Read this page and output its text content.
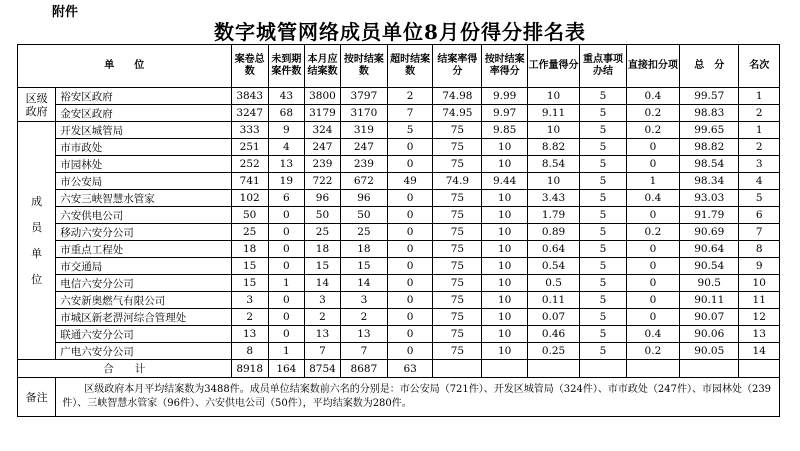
附件
数字城管网络成员单位8月份得分排名表
单　　位		案卷总数	未到期案件数	本月应结案数	按时结案数	超时结案数	结案率得分	按时结案率得分	工作量得分	重点事项办结	直接扣分项	总　分	名次
区级政府	裕安区政府	3843	43	3800	3797	2	74.98	9.99	10	5	0.4	99.57	1
	金安区政府	3247	68	3179	3170	7	74.95	9.97	9.11	5	0.2	98.83	2
成员单位	开发区城管局	333	9	324	319	5	75	9.85	10	5	0.2	99.65	1
	市市政处	251	4	247	247	0	75	10	8.82	5	0	98.82	2
	市园林处	252	13	239	239	0	75	10	8.54	5	0	98.54	3
	市公安局	741	19	722	672	49	74.9	9.44	10	5	1	98.34	4
	六安三峡智慧水管家	102	6	96	96	0	75	10	3.43	5	0.4	93.03	5
	六安供电公司	50	0	50	50	0	75	10	1.79	5	0	91.79	6
	移动六安分公司	25	0	25	25	0	75	10	0.89	5	0.2	90.69	7
	市重点工程处	18	0	18	18	0	75	10	0.64	5	0	90.64	8
	市交通局	15	0	15	15	0	75	10	0.54	5	0	90.54	9
	电信六安分公司	15	1	14	14	0	75	10	0.5	5	0	90.5	10
	六安新奥燃气有限公司	3	0	3	3	0	75	10	0.11	5	0	90.11	11
	市城区新老淠河综合管理处	2	0	2	2	0	75	10	0.07	5	0	90.07	12
	联通六安分公司	13	0	13	13	0	75	10	0.46	5	0.4	90.06	13
	广电六安分公司	8	1	7	7	0	75	10	0.25	5	0.2	90.05	14
合　　计		8918	164	8754	8687	63							
备注	区级政府本月平均结案数为3488件。成员单位结案数前六名的分别是：市公安局（721件）、开发区城管局（324件）、市市政处（247件）、市园林处（239件）、三峡智慧水管家（96件）、六安供电公司（50件），平均结案数为280件。												
